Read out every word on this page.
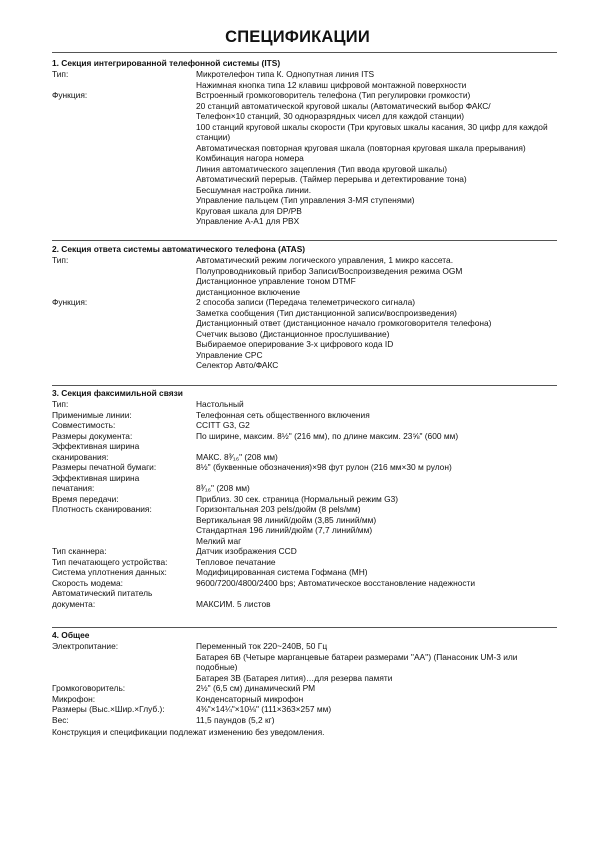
СПЕЦИФИКАЦИИ
1. Секция интегрированной телефонной системы (ITS)
Тип:	Микротелефон типа К. Однопутная линия ITS
Нажимная кнопка типа 12 клавиш цифровой монтажной поверхности
Функция:	Встроенный громкоговоритель телефона (Тип регулировки громкости)
20 станций автоматической круговой шкалы (Автоматический выбор ФАКС/
Телефон×10 станций, 30 одноразрядных чисел для каждой станции)
100 станций круговой шкалы скорости (Три круговых шкалы касания, 30 цифр для каждой станции)
Автоматическая повторная круговая шкала (повторная круговая шкала прерывания)
Комбинация нагора номера
Линия автоматического зацепления (Тип ввода круговой шкалы)
Автоматический перерыв. (Таймер перерыва и детектирование тона)
Бесшумная настройка линии.
Управление пальцем (Тип управления 3-МЯ ступенями)
Круговая шкала для DP/PB
Управление А-А1 для PBX
2. Секция ответа системы автоматического телефона (ATAS)
Тип:	Автоматический режим логического управления, 1 микро кассета.
Полупроводниковый прибор Записи/Воспроизведения режима OGM
Дистанционное управление тоном DTMF
дистанционное включение
Функция:	2 способа записи (Передача телеметрического сигнала)
Заметка сообщения (Тип дистанционной записи/воспроизведения)
Дистанционный ответ (дистанционное начало громкоговорителя телефона)
Счетчик вызово (Дистанционное прослушивание)
Выбираемое оперирование 3-х цифрового кода ID
Управление CPC
Селектор Авто/ФАКС
3. Секция факсимильной связи
Тип:	Настольный
Применимые линии:	Телефонная сеть общественного включения
Совместимость:	CCITT G3, G2
Размеры документа:	По ширине, максим. 8½" (216 мм), по длине максим. 23⅝" (600 мм)
Эффективная ширина
сканирования:
	МАКС. 8³⁄₁₆" (208 мм)
Размеры печатной бумаги:	8½" (буквенные обозначения)×98 фут рулон (216 мм×30 м рулон)
Эффективная ширина
печатания:
	8³⁄₁₆" (208 мм)
Время передачи:	Приблиз. 30 сек. страница (Нормальный режим G3)
Плотность сканирования:	Горизонтальная 203 pels/дюйм (8 pels/мм)
Вертикальная 98 линий/дюйм (3,85 линий/мм)
Стандартная 196 линий/дюйм (7,7 линий/мм)
Мелкий маг
Тип сканнера:	Датчик изображения CCD
Тип печатающего устройства:	Тепловое печатание
Система уплотнения данных:	Модифицированная система Гофмана (MH)
Скорость модема:	9600/7200/4800/2400 bps; Автоматическое восстановление надежности
Автоматический питатель
документа:
	МАКСИМ. 5 листов
4. Общее
Электропитание:	Переменный ток 220~240В, 50 Гц
Батарея 6В (Четыре марганцевые батареи размерами ''АА'') (Панасоник UM-3 или подобные)
Батарея 3В (Батарея лития)…для резерва памяти
Громкоговоритель:	2½" (6,5 см) динамический PM
Микрофон:	Конденсаторный микрофон
Размеры (Выс.×Шир.×Глуб.):	4⅜"×14¼"×10⅛" (111×363×257 мм)
Вес:	11,5 паундов (5,2 кг)
Конструкция и спецификации подлежат изменению без уведомления.
